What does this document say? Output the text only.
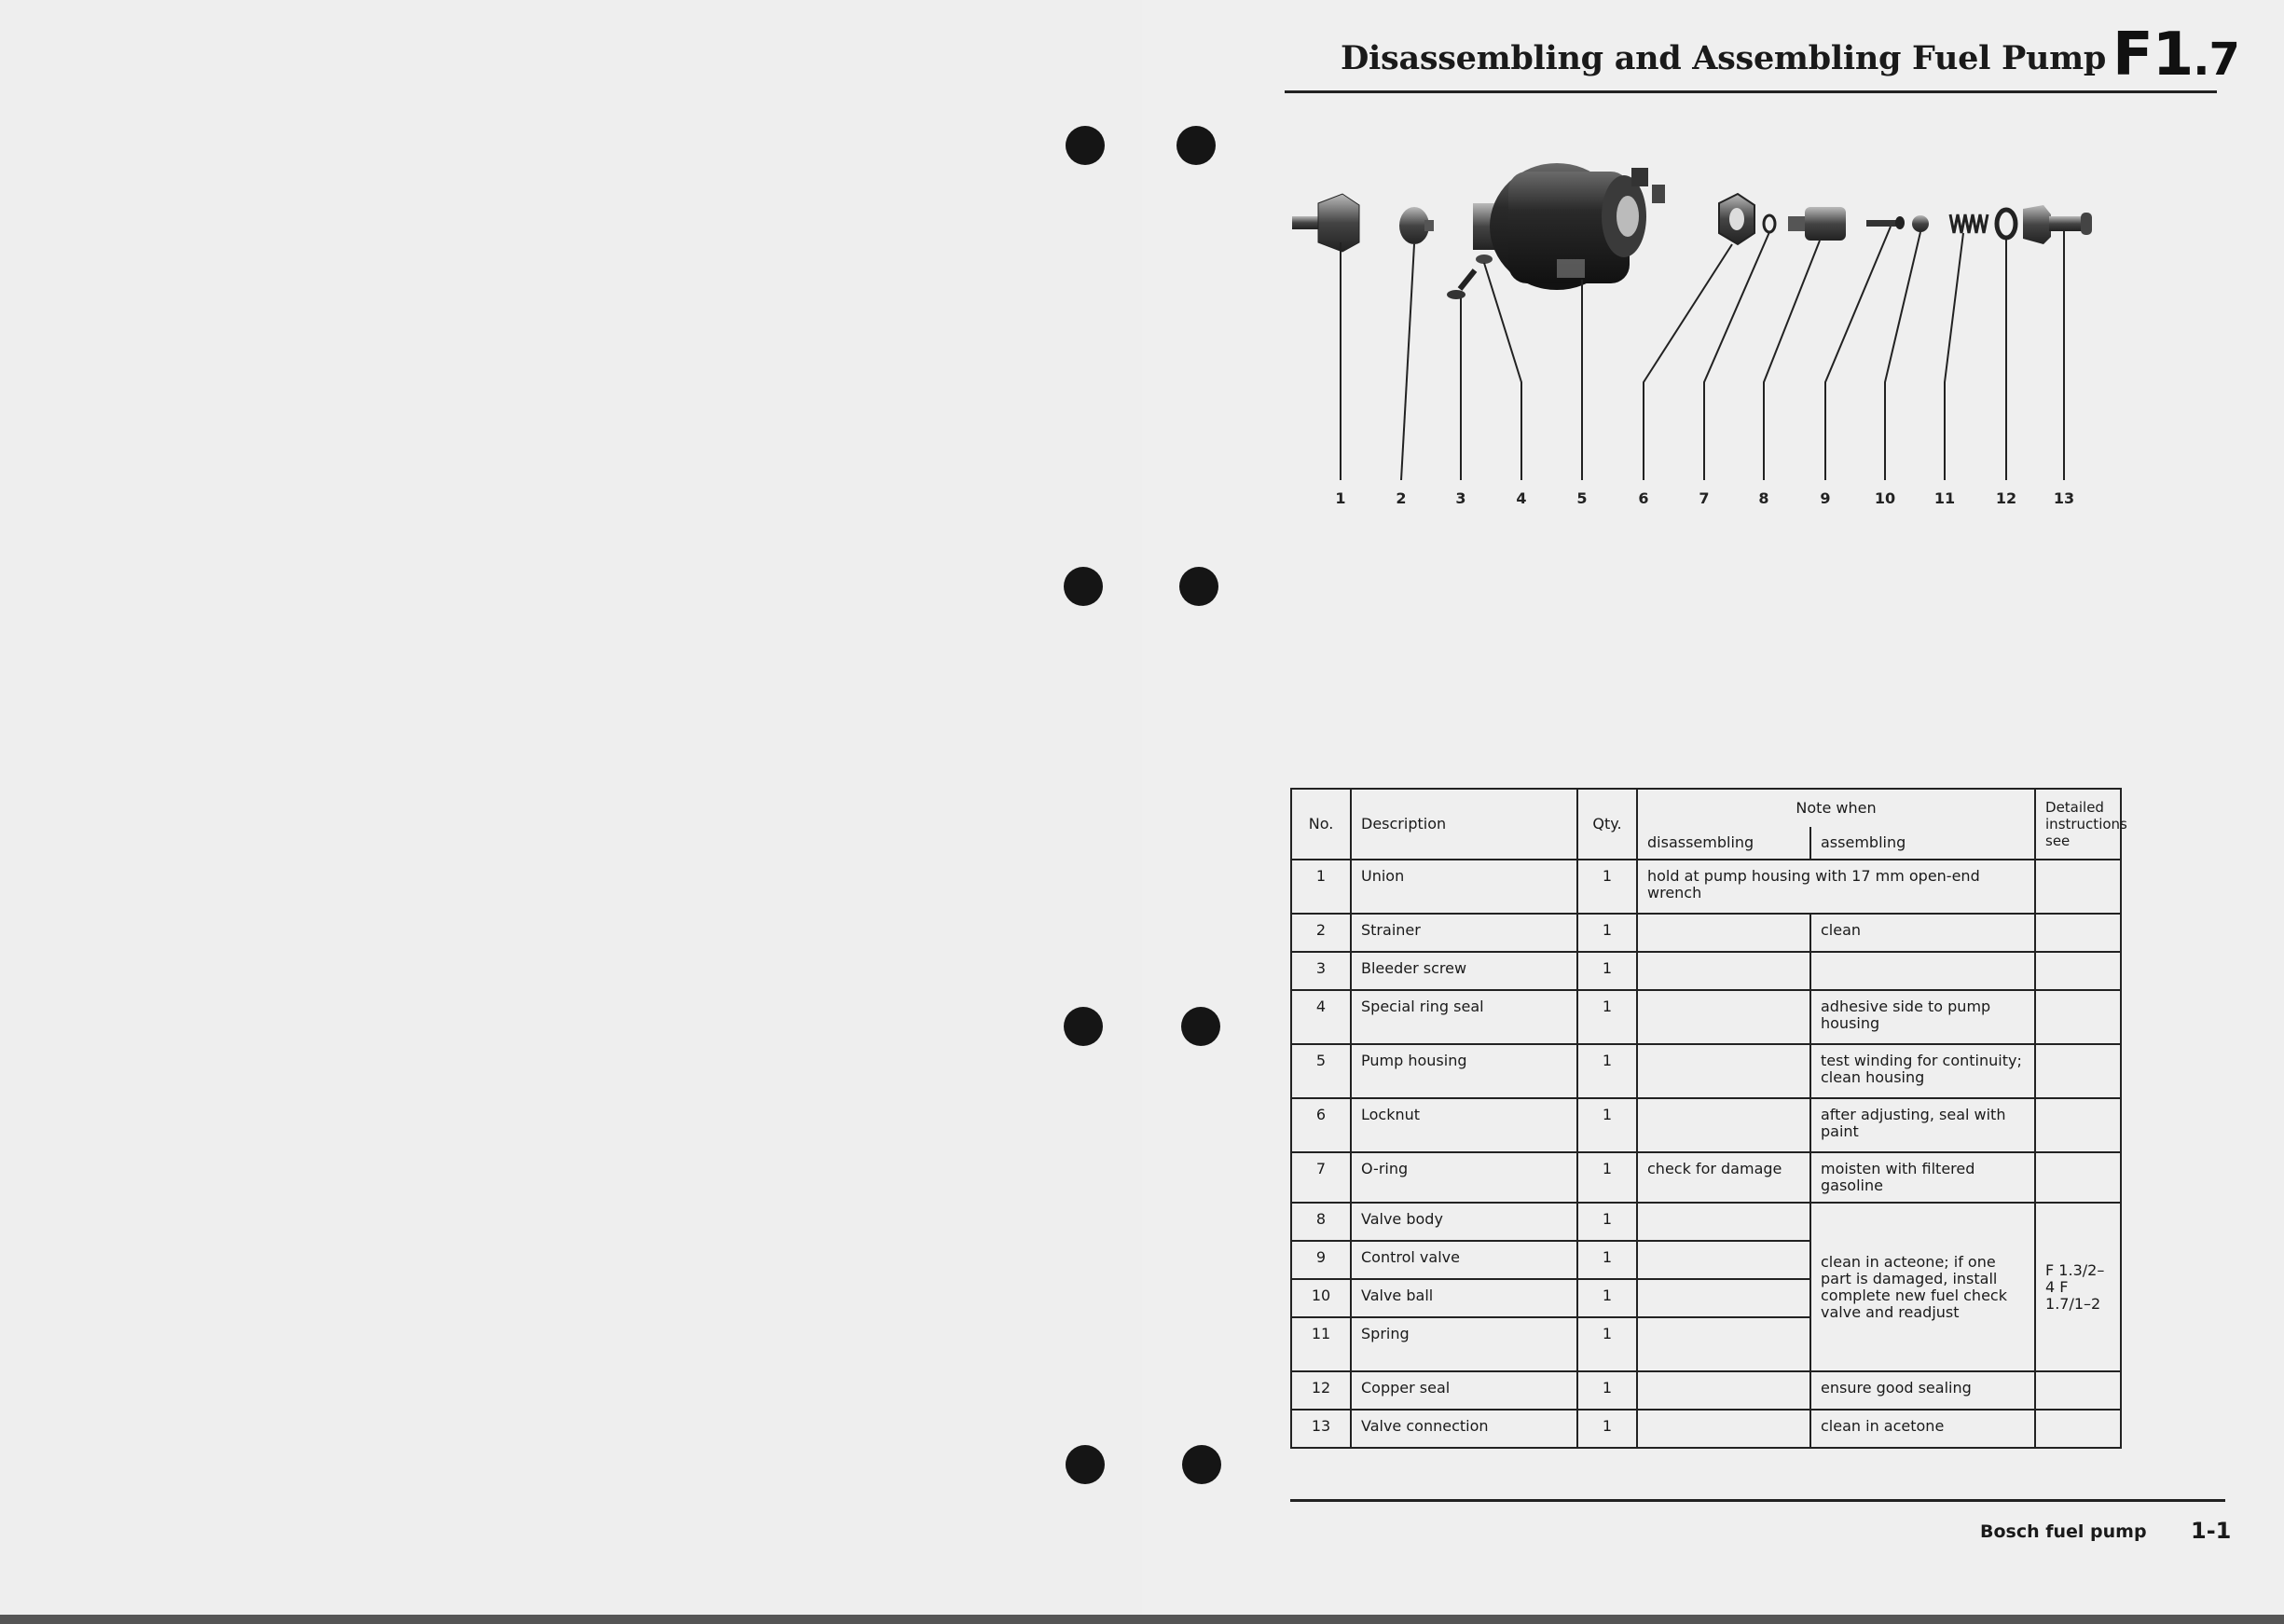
Disassembling and Assembling Fuel Pump F1.7
1	2	3	4	5	6	7	8	9	10	11	12 13
No.	Description	Qty.	Note when		Detailed instructions see
			disassembling	assembling	
1	Union	1	hold at pump housing with 17 mm open-end wrench		
2	Strainer	1		clean	
3	Bleeder screw	1			
4	Special ring seal	1		adhesive side to pump housing	
5	Pump housing	1		test winding for continuity; clean housing	
6	Locknut	1		after adjusting, seal with paint	
7	O-ring	1	check for damage	moisten with filtered gasoline	
8	Valve body	1		clean in acteone; if one part is damaged, install complete new fuel check valve and readjust	F 1.3/2–4 F 1.7/1–2
9	Control valve	1			
10	Valve ball	1			
11	Spring	1			
12	Copper seal	1		ensure good sealing	
13	Valve connection	1		clean in acetone	
Bosch fuel pump 1-1
